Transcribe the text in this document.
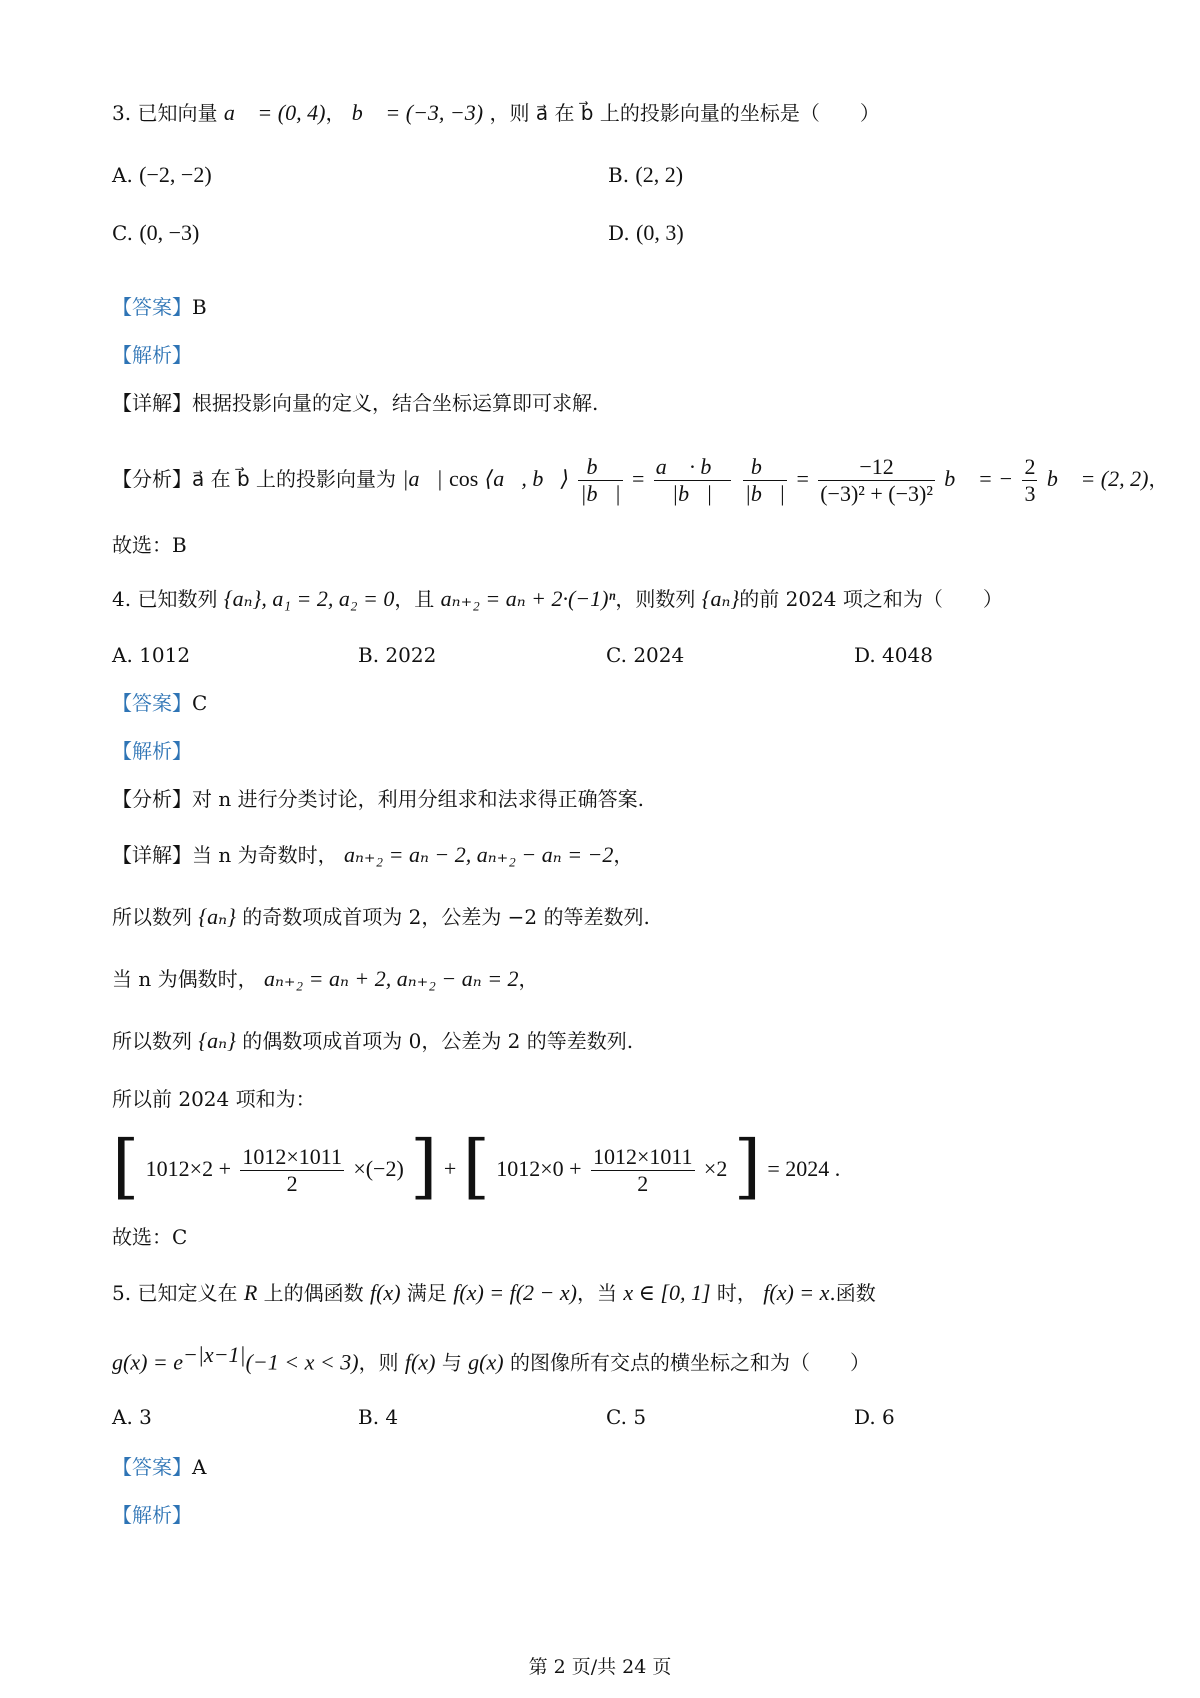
3. 已知向量 a⃗ = (0, 4)， b⃗ = (−3, −3) ，则 a⃗ 在 b⃗ 上的投影向量的坐标是（　　）
A. (−2, −2)	B. (2, 2)
C. (0, −3)	D. (0, 3)
【答案】B
【解析】
【详解】根据投影向量的定义，结合坐标运算即可求解.
【分析】a⃗ 在 b⃗ 上的投影向量为 |a⃗| cos ⟨a⃗, b⃗⟩ $\frac{b⃗}{|b⃗|} = \frac{a⃗ \cdot b⃗}{|b⃗|}$
$\frac{b⃗}{|b⃗|} = \frac{-12}{\text{(−3)² + (−3)²}}$ b⃗ = − $\frac{2}{3}$ b⃗ = (2, 2)，
故选：B
4. 已知数列 {aₙ}, a₁ = 2, a₂ = 0，且 aₙ₊₂ = aₙ + 2·(−1)ⁿ，则数列 {aₙ}的前 2024 项之和为（　　）
A. 1012	B. 2022	C. 2024	D. 4048
【答案】C
【解析】
【分析】对 n 进行分类讨论，利用分组求和法求得正确答案.
【详解】当 n 为奇数时， aₙ₊₂ = aₙ − 2, aₙ₊₂ − aₙ = −2，
所以数列 {aₙ} 的奇数项成首项为 2，公差为 −2 的等差数列.
当 n 为偶数时， aₙ₊₂ = aₙ + 2, aₙ₊₂ − aₙ = 2，
所以数列 {aₙ} 的偶数项成首项为 0，公差为 2 的等差数列.
所以前 2024 项和为：
[ $1012\times 2 + \frac{1012\times 1011}{2} \times(-2)$ ] + [ $1012\times 0 + \frac{1012\times 1011}{2} \times 2$ ] = 2024 .
故选：C
5. 已知定义在 R 上的偶函数 f(x) 满足 f(x) = f(2 − x)，当 x ∈ [0, 1] 时， f(x) = x.函数
$g(x) = e^{-|x-1|}(-1 < x < 3)$，则 f(x) 与 g(x) 的图像所有交点的横坐标之和为（　　）
A. 3	B. 4	C. 5	D. 6
【答案】A
【解析】
第 2 页/共 24 页
